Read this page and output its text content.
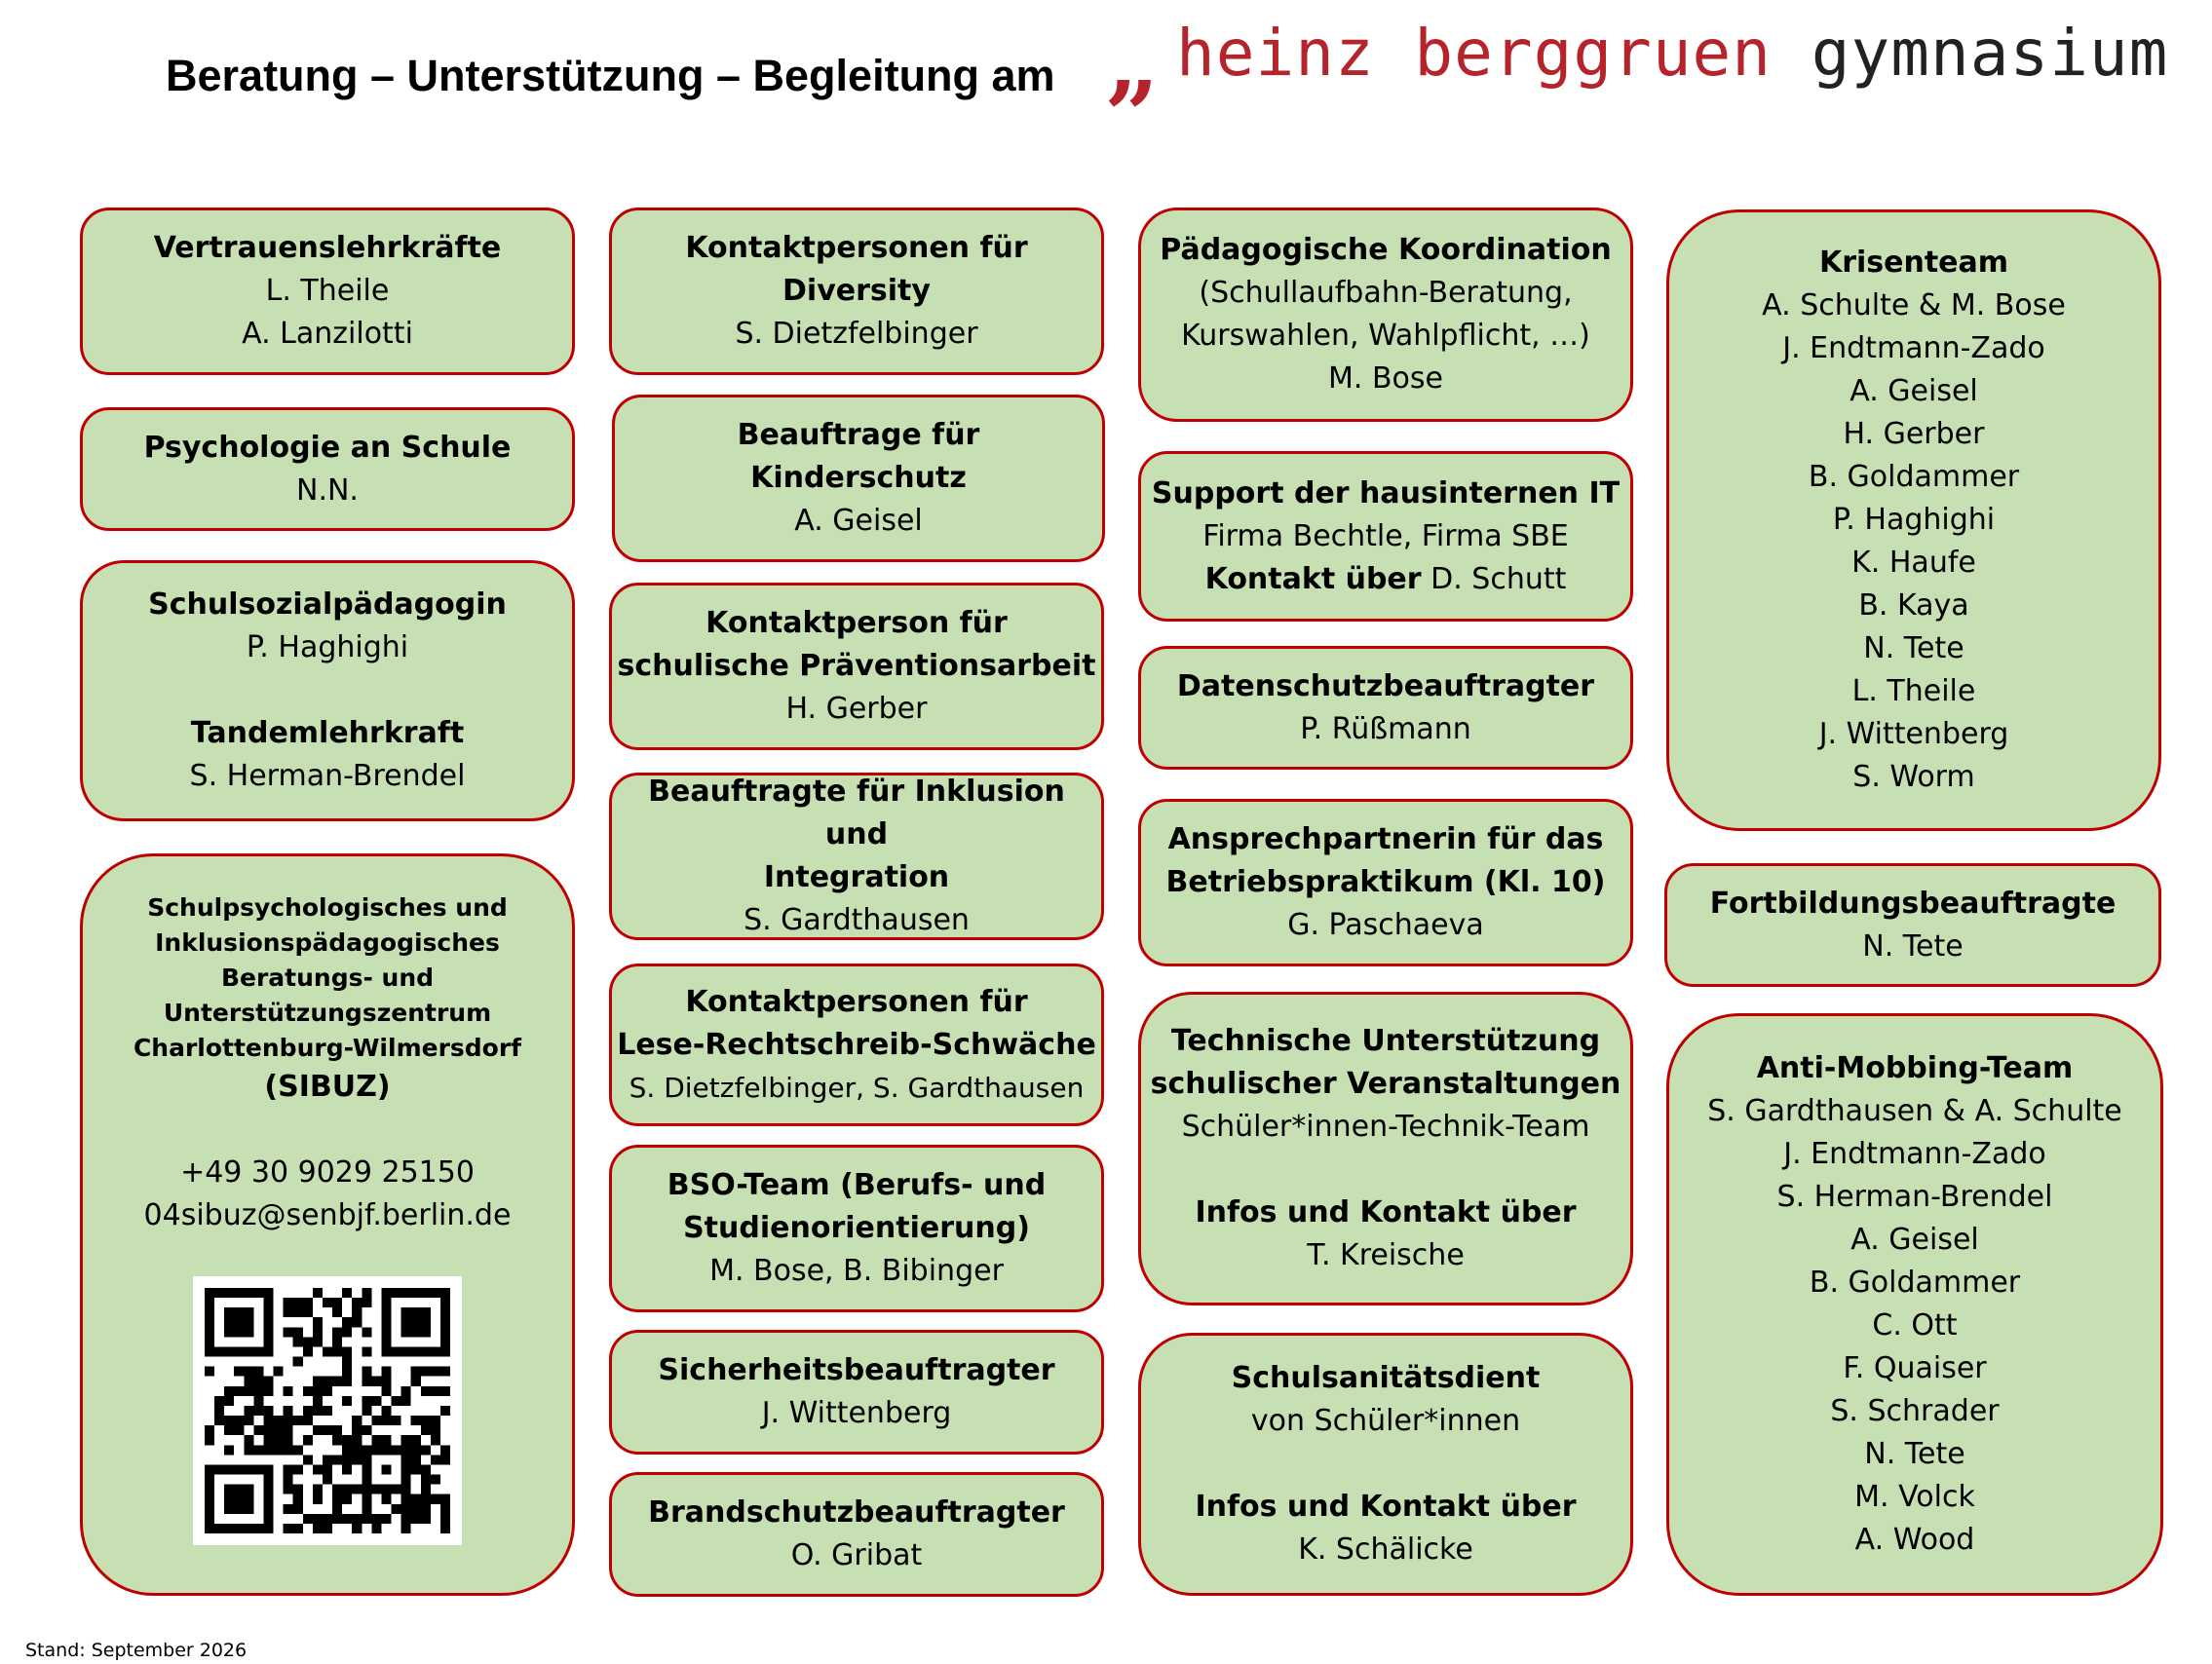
Beratung – Unterstützung – Begleitung am „ heinz berggruen gymnasium
Vertrauenslehrkräfte
L. Theile
A. Lanzilotti
Psychologie an Schule
N.N.
Schulsozialpädagogin
P. Haghighi
Tandemlehrkraft
S. Herman-Brendel
Schulpsychologisches und
Inklusionspädagogisches
Beratungs- und
Unterstützungszentrum
Charlottenburg-Wilmersdorf
(SIBUZ)
+49 30 9029 25150
04sibuz@senbjf.berlin.de
Kontaktpersonen für
Diversity
S. Dietzfelbinger
Beauftrage für
Kinderschutz
A. Geisel
Kontaktperson für
schulische Präventionsarbeit
H. Gerber
Beauftragte für Inklusion und
Integration
S. Gardthausen
Kontaktpersonen für
Lese-Rechtschreib-Schwäche
S. Dietzfelbinger, S. Gardthausen
BSO-Team (Berufs- und
Studienorientierung)
M. Bose, B. Bibinger
Sicherheitsbeauftragter
J. Wittenberg
Brandschutzbeauftragter
O. Gribat
Pädagogische Koordination
(Schullaufbahn-Beratung,
Kurswahlen, Wahlpflicht, …)
M. Bose
Support der hausinternen IT
Firma Bechtle, Firma SBE
Kontakt über D. Schutt
Datenschutzbeauftragter
P. Rüßmann
Ansprechpartnerin für das
Betriebspraktikum (Kl. 10)
G. Paschaeva
Technische Unterstützung
schulischer Veranstaltungen
Schüler*innen-Technik-Team
Infos und Kontakt über
T. Kreische
Schulsanitätsdient
von Schüler*innen
Infos und Kontakt über
K. Schälicke
Krisenteam
A. Schulte & M. Bose
J. Endtmann-Zado
A. Geisel
H. Gerber
B. Goldammer
P. Haghighi
K. Haufe
B. Kaya
N. Tete
L. Theile
J. Wittenberg
S. Worm
Fortbildungsbeauftragte
N. Tete
Anti-Mobbing-Team
S. Gardthausen & A. Schulte
J. Endtmann-Zado
S. Herman-Brendel
A. Geisel
B. Goldammer
C. Ott
F. Quaiser
S. Schrader
N. Tete
M. Volck
A. Wood
Stand: September 2026
